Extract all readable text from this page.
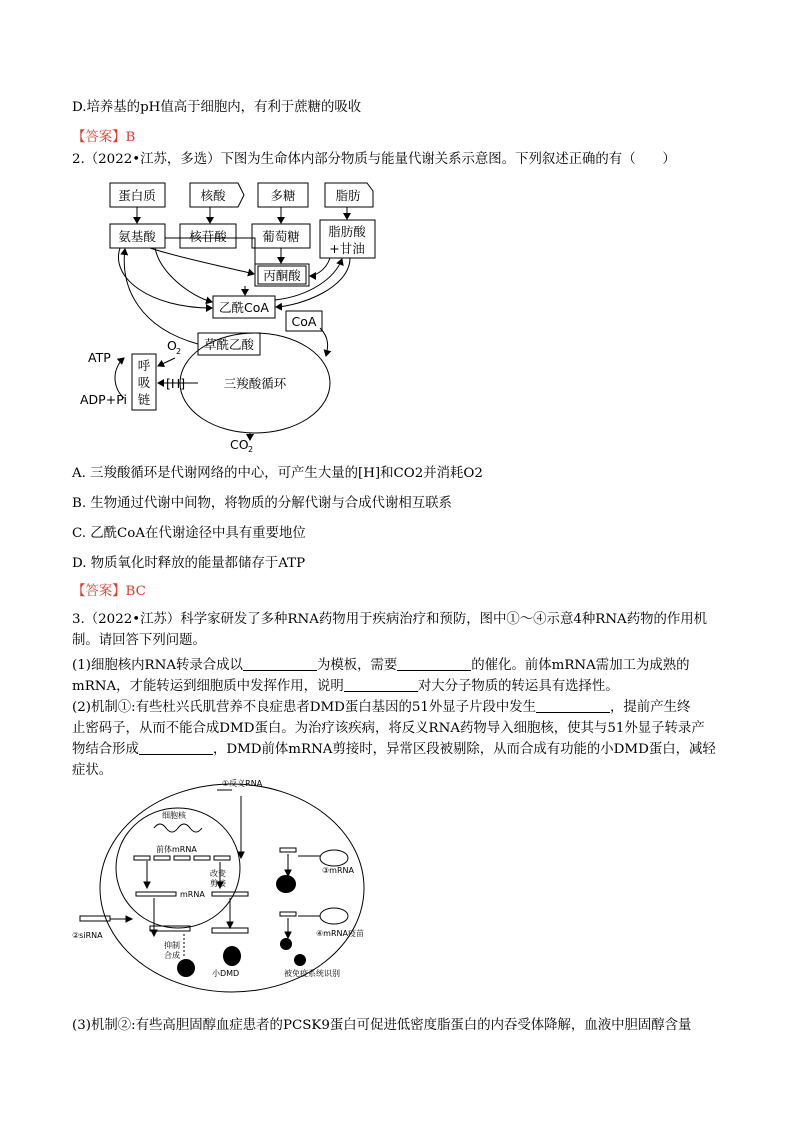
D.培养基的pH值高于细胞内，有利于蔗糖的吸收
【答案】B
2.（2022•江苏，多选）下图为生命体内部分物质与能量代谢关系示意图。下列叙述正确的有（　　）
蛋白质	核酸	多糖	脂肪
氨基酸	核苷酸	葡萄糖 脂肪酸
+甘油
丙酮酸
乙酰CoA
CoA
草酰乙酸
三羧酸循环
O 2
[H]
ATP
ADP+Pi
呼
吸
链
CO 2
A. 三羧酸循环是代谢网络的中心，可产生大量的[H]和CO2并消耗O2
B. 生物通过代谢中间物，将物质的分解代谢与合成代谢相互联系
C. 乙酰CoA在代谢途径中具有重要地位
D. 物质氧化时释放的能量都储存于ATP
【答案】BC
3.（2022•江苏）科学家研发了多种RNA药物用于疾病治疗和预防，图中①～④示意4种RNA药物的作用机
制。请回答下列问题。
(1)细胞核内RNA转录合成以	为模板，需要	的催化。前体mRNA需加工为成熟的
mRNA，才能转运到细胞质中发挥作用，说明	对大分子物质的转运具有选择性。
(2)机制①:有些杜兴氏肌营养不良症患者DMD蛋白基因的51外显子片段中发生	，提前产生终
止密码子，从而不能合成DMD蛋白。为治疗该疾病，将反义RNA药物导入细胞核，使其与51外显子转录产
物结合形成	，DMD前体mRNA剪接时，异常区段被剔除，从而合成有功能的小DMD蛋白，减轻
症状。
①反义RNA
细胞核
前体mRNA
改变
剪接
mRNA
②siRNA
③mRNA
④mRNA疫苗
抑制
合成
小DMD	被免疫系统识别
(3)机制②:有些高胆固醇血症患者的PCSK9蛋白可促进低密度脂蛋白的内吞受体降解，血液中胆固醇含量
